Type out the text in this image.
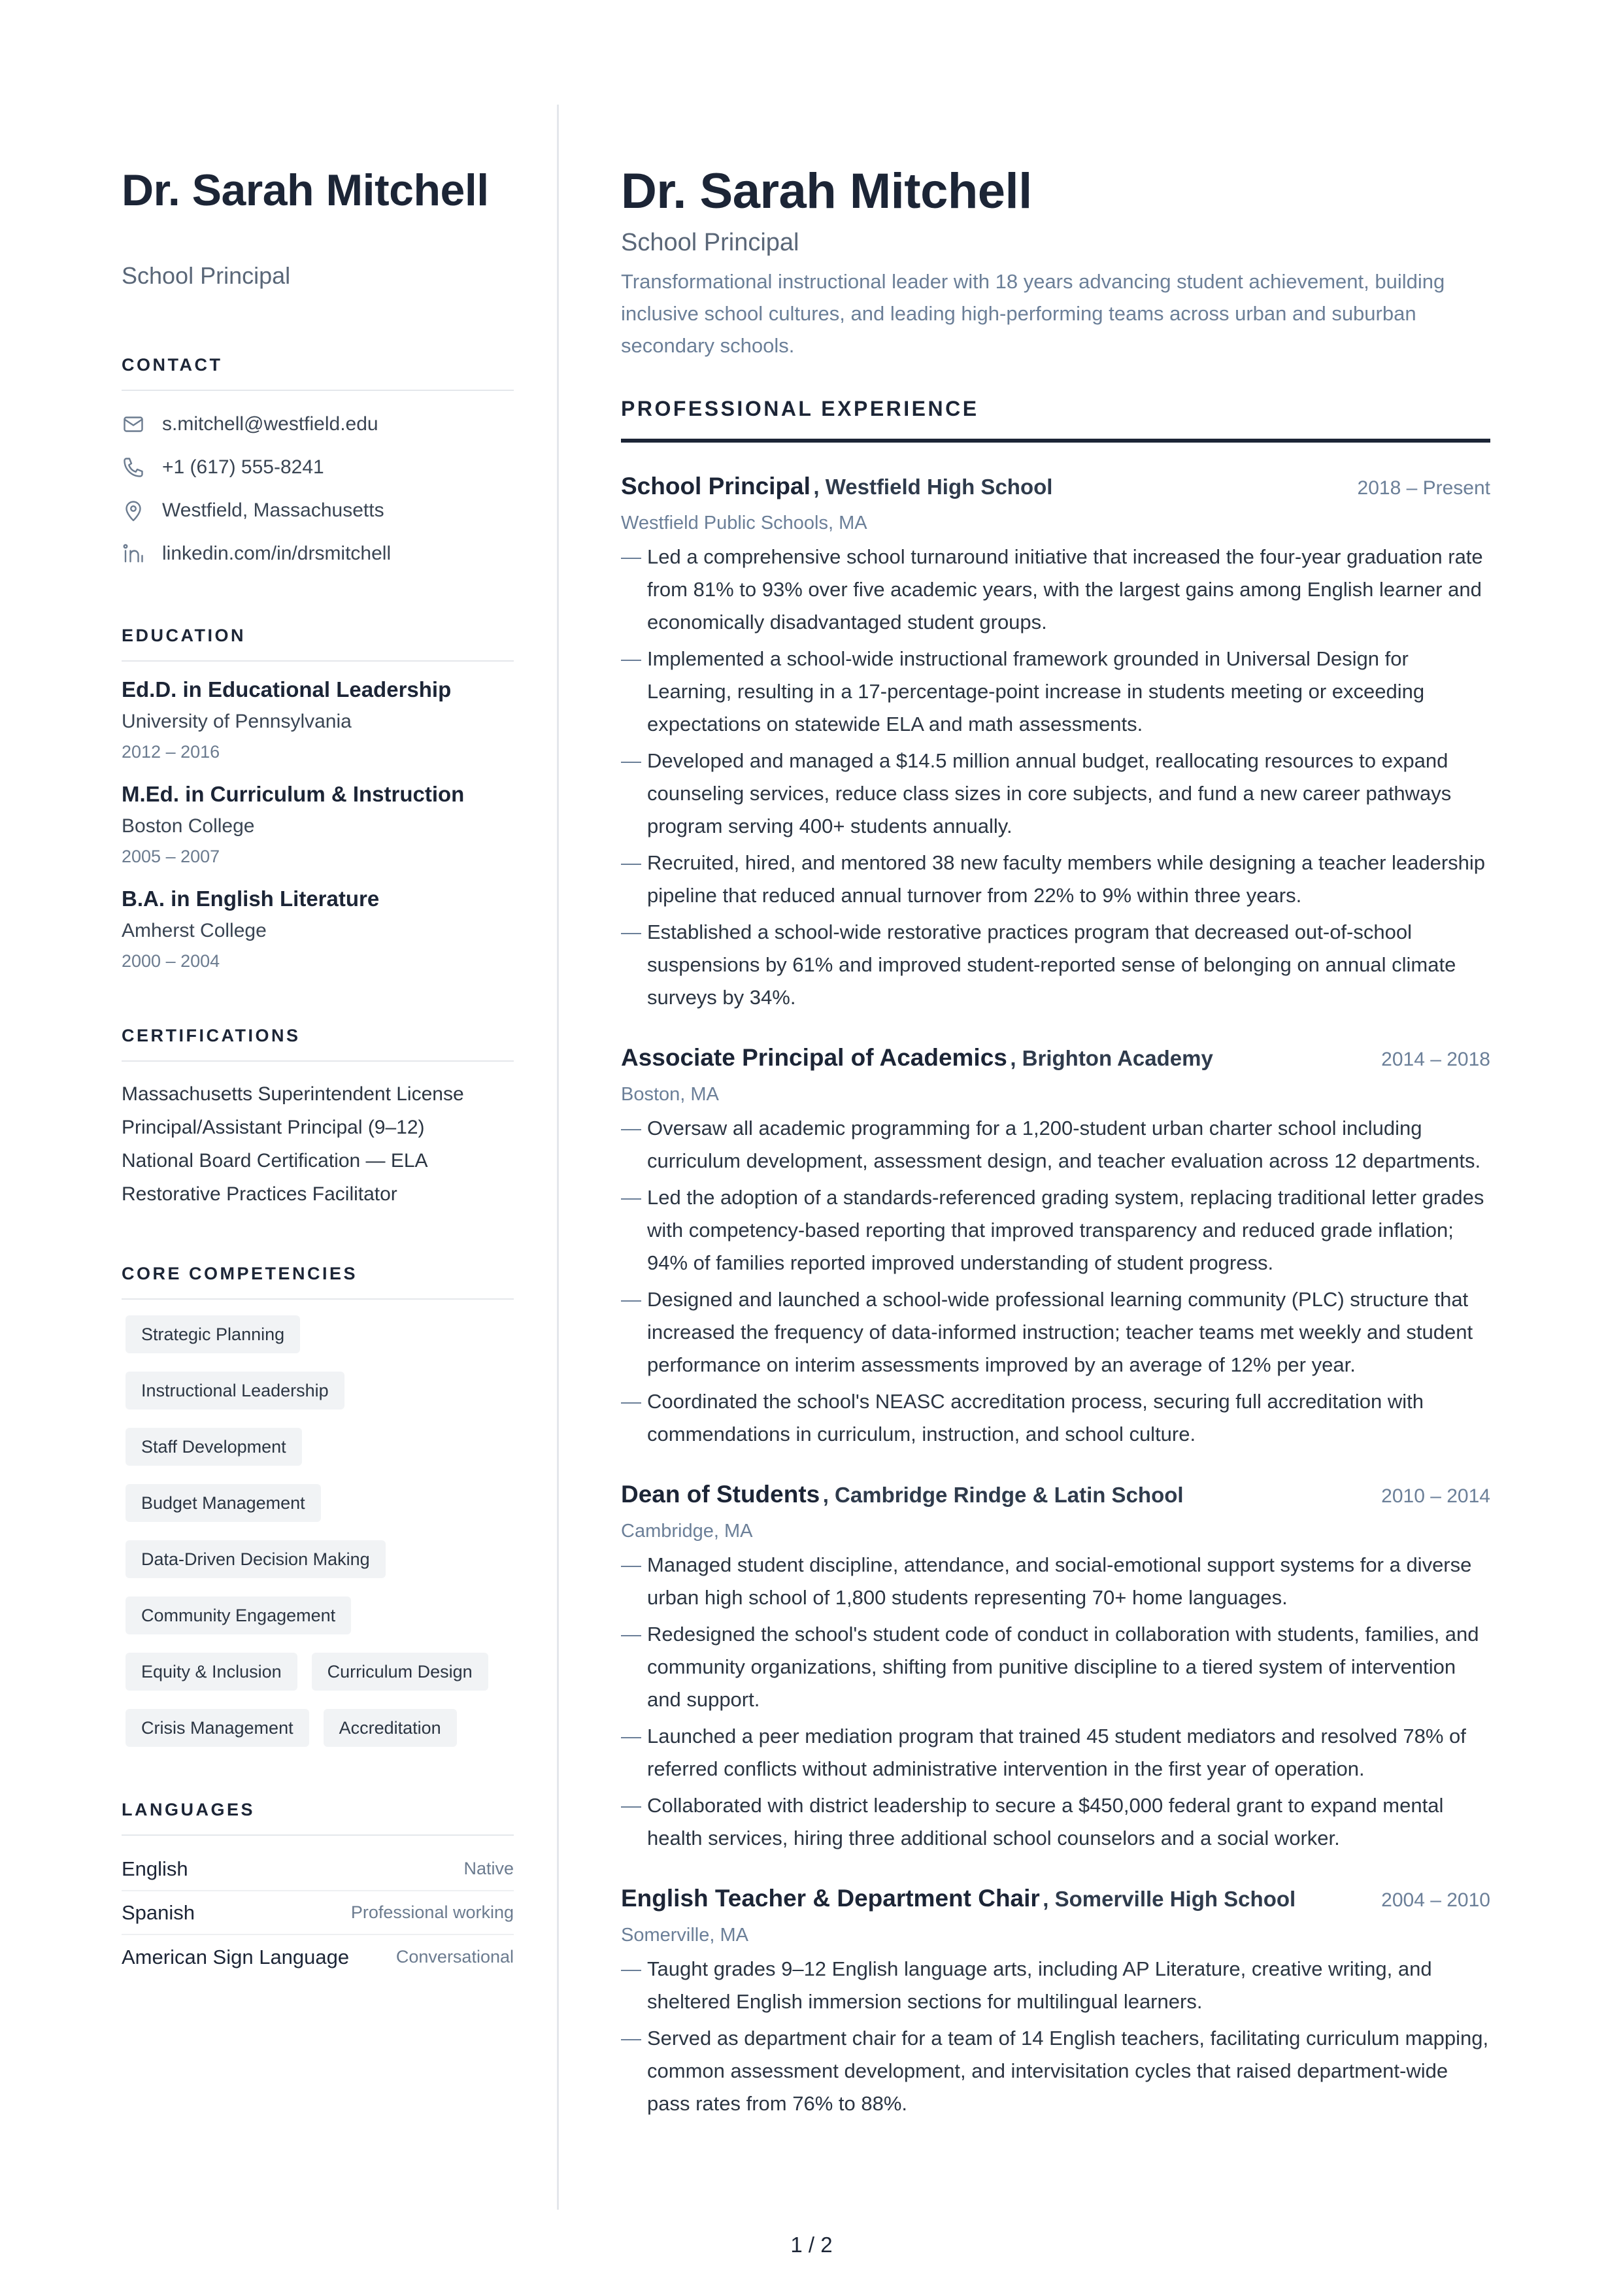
Dr. Sarah Mitchell
School Principal
CONTACT
s.mitchell@westfield.edu
+1 (617) 555-8241
Westfield, Massachusetts
linkedin.com/in/drsmitchell
EDUCATION
Ed.D. in Educational Leadership
University of Pennsylvania
2012 – 2016
M.Ed. in Curriculum & Instruction
Boston College
2005 – 2007
B.A. in English Literature
Amherst College
2000 – 2004
CERTIFICATIONS
Massachusetts Superintendent License
Principal/Assistant Principal (9–12)
National Board Certification — ELA
Restorative Practices Facilitator
CORE COMPETENCIES
Strategic Planning
Instructional Leadership
Staff Development
Budget Management
Data-Driven Decision Making
Community Engagement
Equity & Inclusion	Curriculum Design
Crisis Management	Accreditation
LANGUAGES
English	Native
Spanish	Professional working
American Sign Language	Conversational
Dr. Sarah Mitchell
School Principal

Transformational instructional leader with 18 years advancing student achievement, building inclusive school cultures, and leading high-performing teams across urban and suburban secondary schools.

PROFESSIONAL EXPERIENCE
School Principal , Westfield High School	2018 – Present
Westfield Public Schools, MA
— Led a comprehensive school turnaround initiative that increased the four-year graduation rate from 81% to 93% over five academic years, with the largest gains among English learner and economically disadvantaged student groups.
— Implemented a school-wide instructional framework grounded in Universal Design for Learning, resulting in a 17-percentage-point increase in students meeting or exceeding expectations on statewide ELA and math assessments.
— Developed and managed a $14.5 million annual budget, reallocating resources to expand counseling services, reduce class sizes in core subjects, and fund a new career pathways program serving 400+ students annually.
— Recruited, hired, and mentored 38 new faculty members while designing a teacher leadership pipeline that reduced annual turnover from 22% to 9% within three years.
— Established a school-wide restorative practices program that decreased out-of-school suspensions by 61% and improved student-reported sense of belonging on annual climate surveys by 34%.
Associate Principal of Academics , Brighton Academy	2014 – 2018
Boston, MA
— Oversaw all academic programming for a 1,200-student urban charter school including curriculum development, assessment design, and teacher evaluation across 12 departments.
— Led the adoption of a standards-referenced grading system, replacing traditional letter grades with competency-based reporting that improved transparency and reduced grade inflation; 94% of families reported improved understanding of student progress.
— Designed and launched a school-wide professional learning community (PLC) structure that increased the frequency of data-informed instruction; teacher teams met weekly and student performance on interim assessments improved by an average of 12% per year.
— Coordinated the school's NEASC accreditation process, securing full accreditation with commendations in curriculum, instruction, and school culture.
Dean of Students , Cambridge Rindge & Latin School	2010 – 2014
Cambridge, MA
— Managed student discipline, attendance, and social-emotional support systems for a diverse urban high school of 1,800 students representing 70+ home languages.
— Redesigned the school's student code of conduct in collaboration with students, families, and community organizations, shifting from punitive discipline to a tiered system of intervention and support.
— Launched a peer mediation program that trained 45 student mediators and resolved 78% of referred conflicts without administrative intervention in the first year of operation.
— Collaborated with district leadership to secure a $450,000 federal grant to expand mental health services, hiring three additional school counselors and a social worker.
English Teacher & Department Chair , Somerville High School	2004 – 2010
Somerville, MA
— Taught grades 9–12 English language arts, including AP Literature, creative writing, and sheltered English immersion sections for multilingual learners.
— Served as department chair for a team of 14 English teachers, facilitating curriculum mapping, common assessment development, and intervisitation cycles that raised department-wide pass rates from 76% to 88%.
1 / 2
